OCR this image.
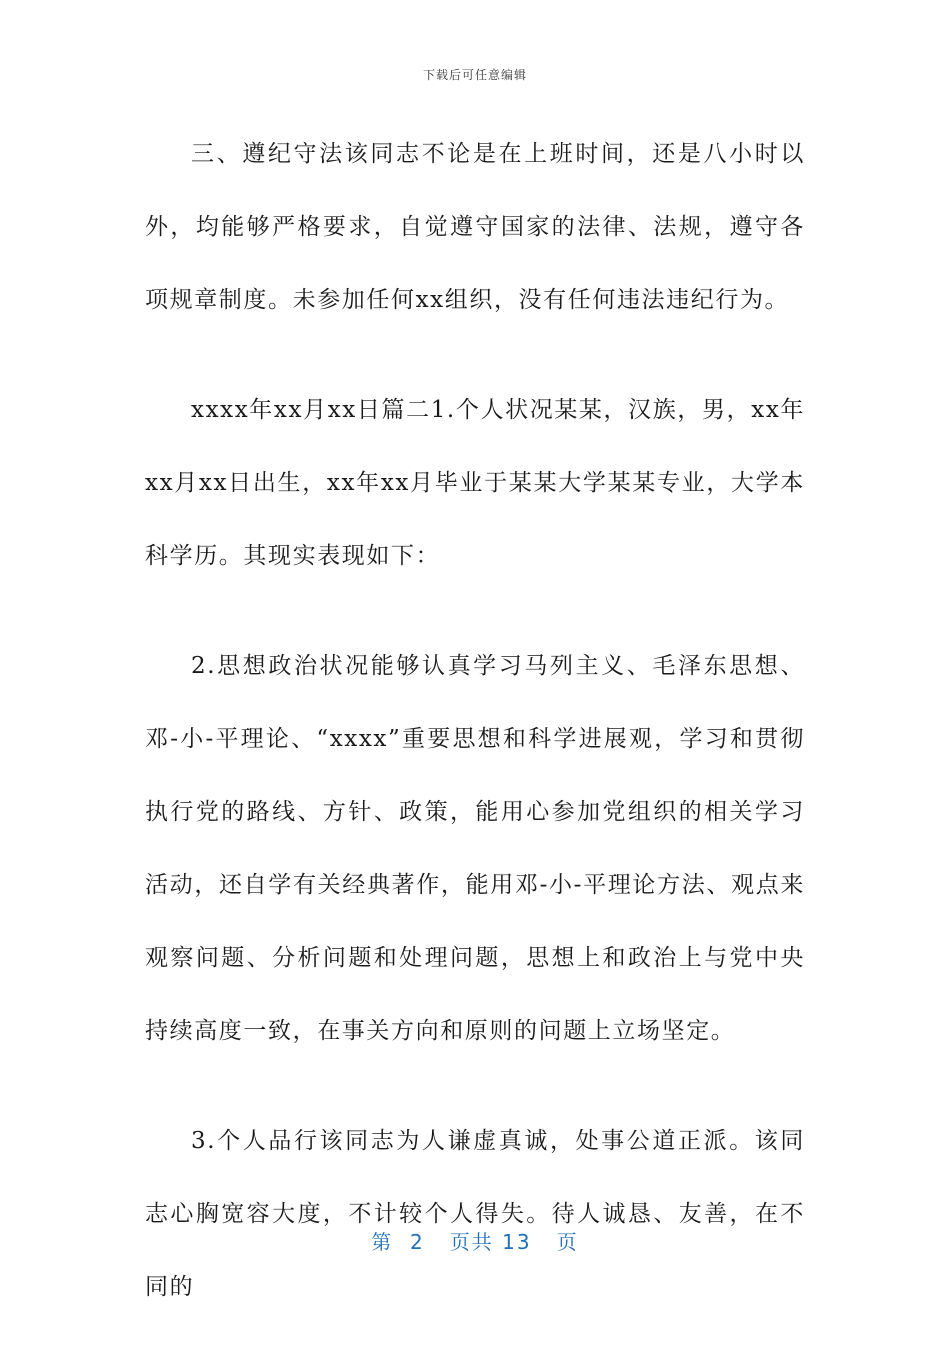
下载后可任意编辑

三、遵纪守法该同志不论是在上班时间，还是八小时以外，均能够严格要求，自觉遵守国家的法律、法规，遵守各项规章制度。未参加任何xx组织，没有任何违法违纪行为。

xxxx年xx月xx日篇二1.个人状况某某，汉族，男，xx年xx月xx日出生，xx年xx月毕业于某某大学某某专业，大学本科学历。其现实表现如下：

2.思想政治状况能够认真学习马列主义、毛泽东思想、邓-小-平理论、“xxxx”重要思想和科学进展观，学习和贯彻执行党的路线、方针、政策，能用心参加党组织的相关学习活动，还自学有关经典著作，能用邓-小-平理论方法、观点来观察问题、分析问题和处理问题，思想上和政治上与党中央持续高度一致，在事关方向和原则的问题上立场坚定。

3.个人品行该同志为人谦虚真诚，处事公道正派。该同志心胸宽容大度，不计较个人得失。待人诚恳、友善，在不同的

第 2 页共 13 页
